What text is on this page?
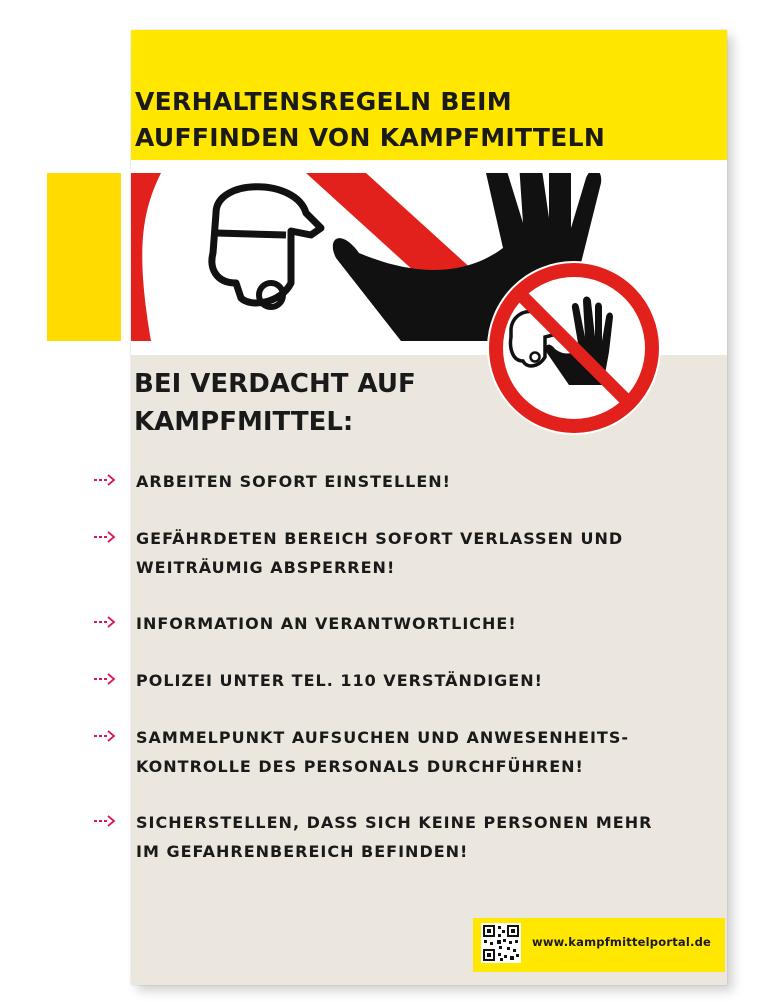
VERHALTENSREGELN BEIM
AUFFINDEN VON KAMPFMITTELN
BEI VERDACHT AUF
KAMPFMITTEL:
ARBEITEN SOFORT EINSTELLEN!
GEFÄHRDETEN BEREICH SOFORT VERLASSEN UND
WEITRÄUMIG ABSPERREN!
INFORMATION AN VERANTWORTLICHE!
POLIZEI UNTER TEL. 110 VERSTÄNDIGEN!
SAMMELPUNKT AUFSUCHEN UND ANWESENHEITS-
KONTROLLE DES PERSONALS DURCHFÜHREN!
SICHERSTELLEN, DASS SICH KEINE PERSONEN MEHR
IM GEFAHRENBEREICH BEFINDEN!
www.kampfmittelportal.de
